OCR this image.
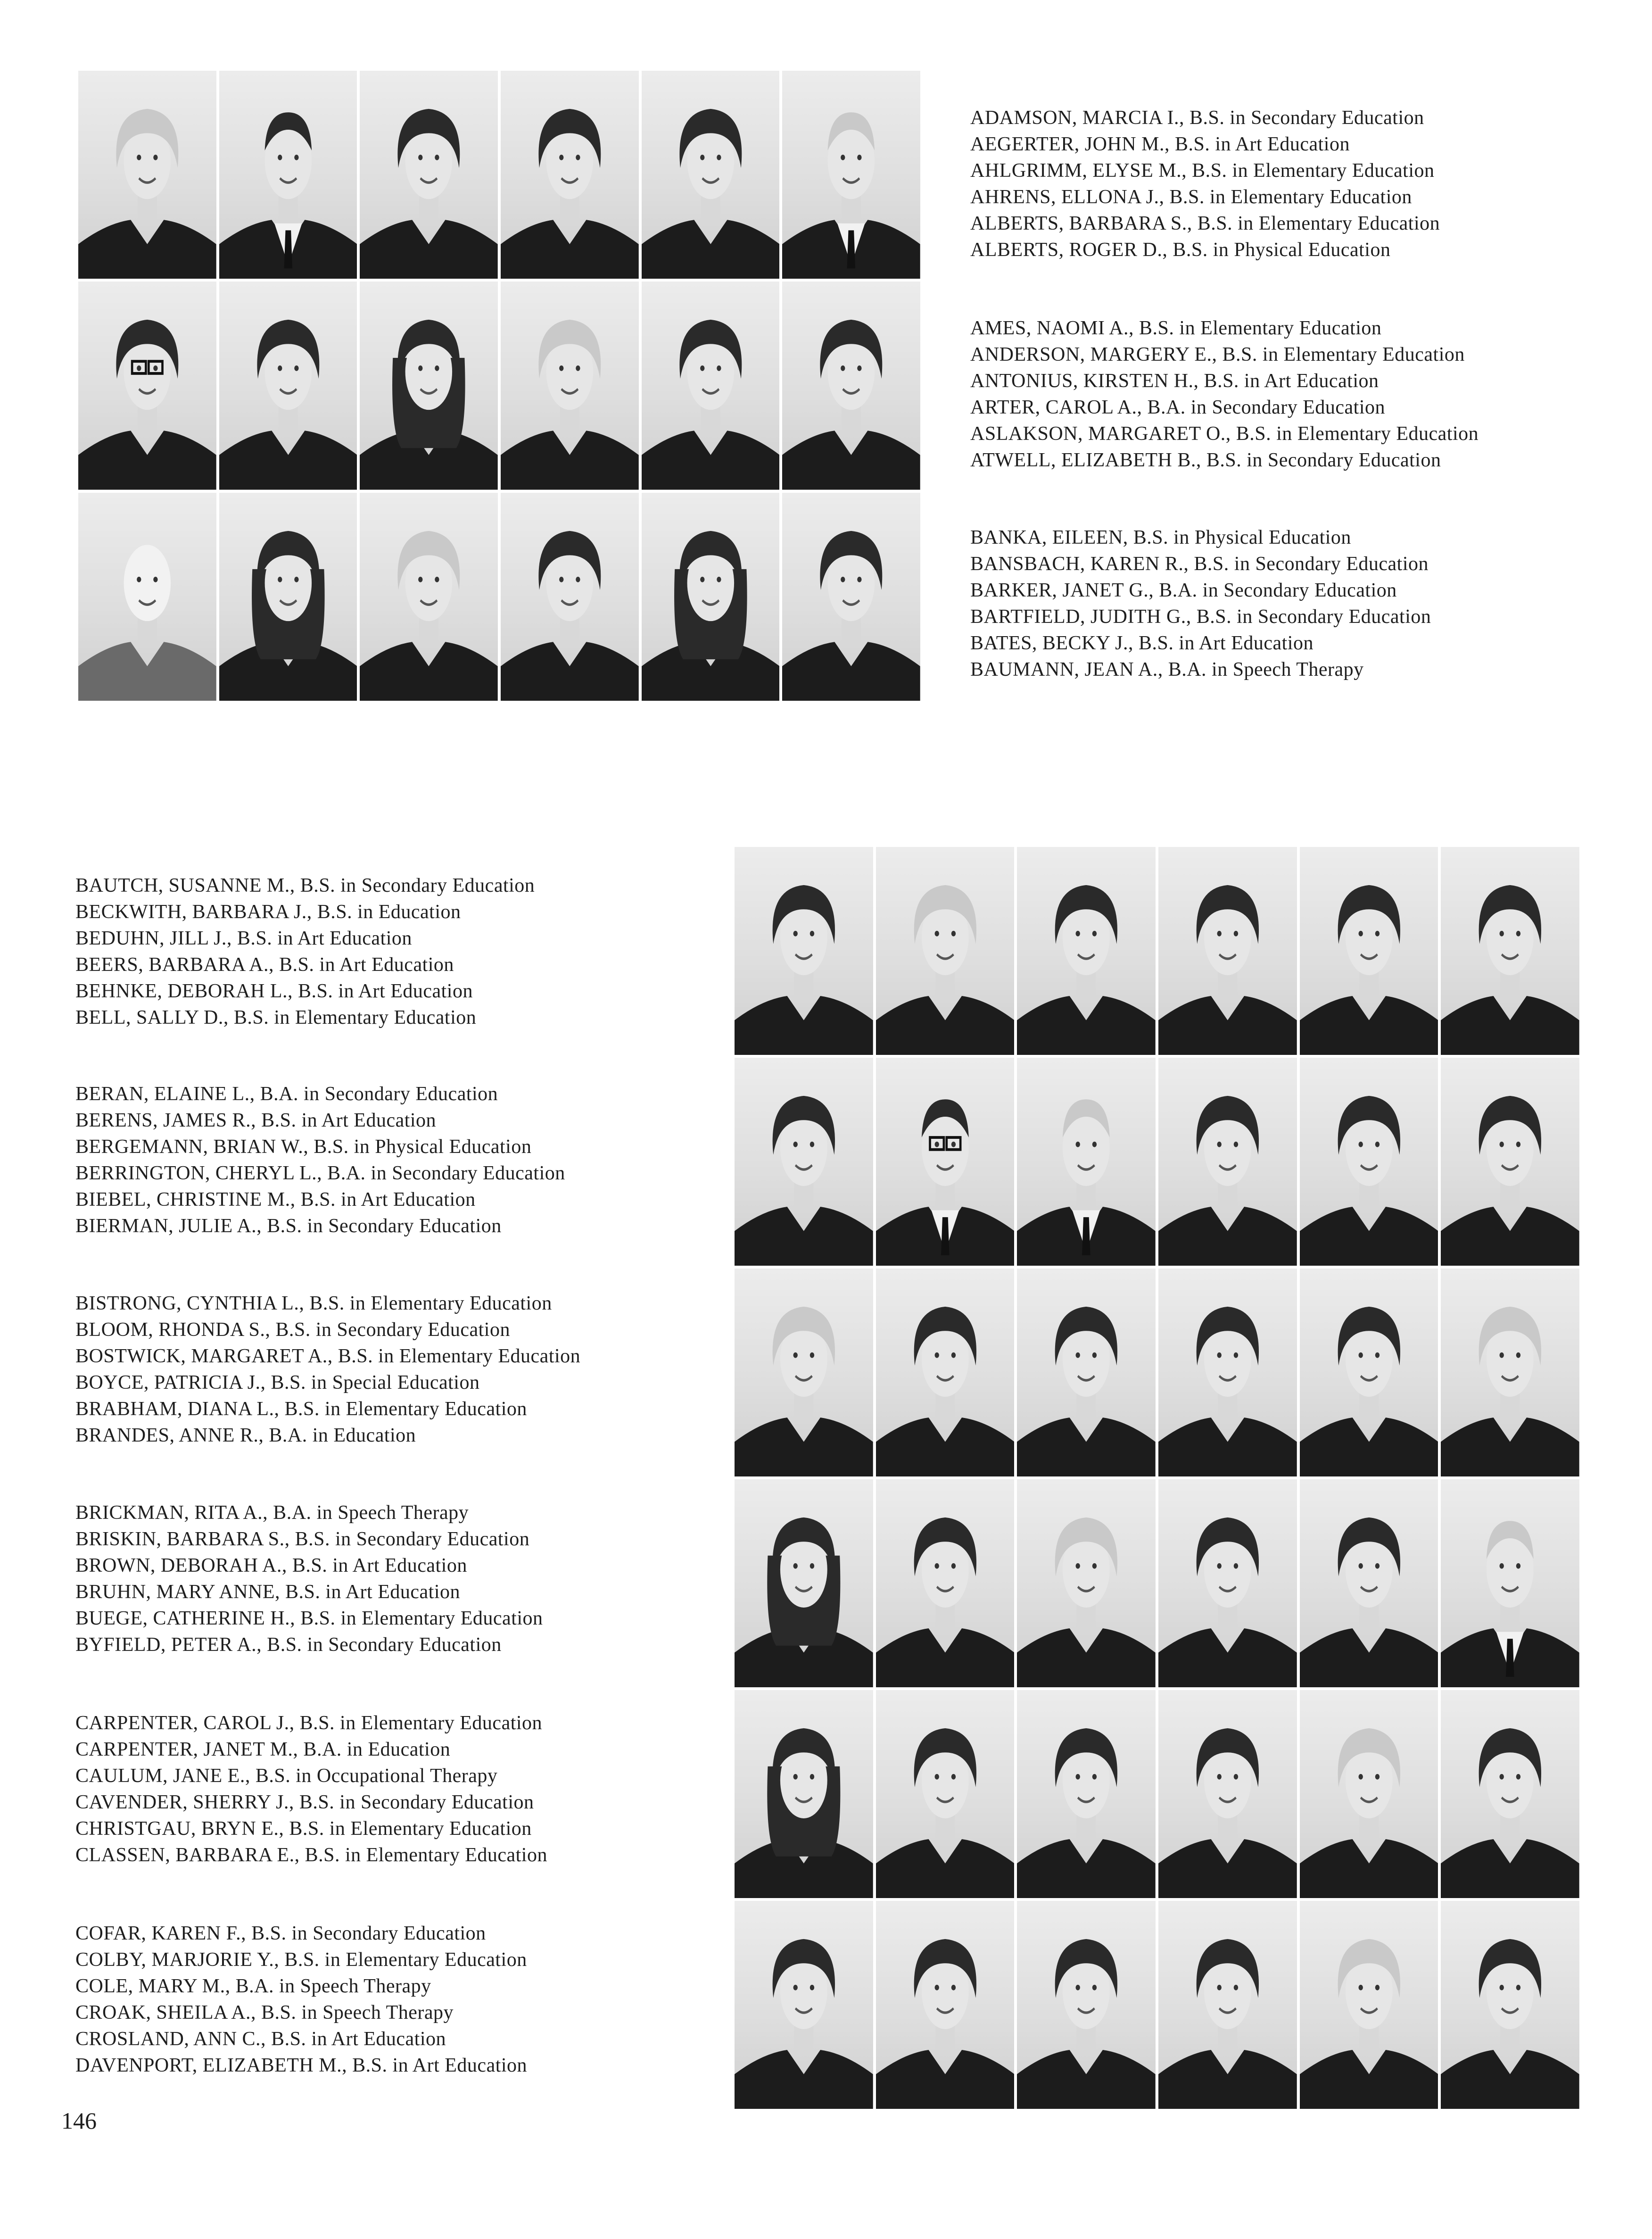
ADAMSON, MARCIA I., B.S. in Secondary Education
AEGERTER, JOHN M., B.S. in Art Education
AHLGRIMM, ELYSE M., B.S. in Elementary Education
AHRENS, ELLONA J., B.S. in Elementary Education
ALBERTS, BARBARA S., B.S. in Elementary Education
ALBERTS, ROGER D., B.S. in Physical Education
AMES, NAOMI A., B.S. in Elementary Education
ANDERSON, MARGERY E., B.S. in Elementary Education
ANTONIUS, KIRSTEN H., B.S. in Art Education
ARTER, CAROL A., B.A. in Secondary Education
ASLAKSON, MARGARET O., B.S. in Elementary Education
ATWELL, ELIZABETH B., B.S. in Secondary Education
BANKA, EILEEN, B.S. in Physical Education
BANSBACH, KAREN R., B.S. in Secondary Education
BARKER, JANET G., B.A. in Secondary Education
BARTFIELD, JUDITH G., B.S. in Secondary Education
BATES, BECKY J., B.S. in Art Education
BAUMANN, JEAN A., B.A. in Speech Therapy
BAUTCH, SUSANNE M., B.S. in Secondary Education
BECKWITH, BARBARA J., B.S. in Education
BEDUHN, JILL J., B.S. in Art Education
BEERS, BARBARA A., B.S. in Art Education
BEHNKE, DEBORAH L., B.S. in Art Education
BELL, SALLY D., B.S. in Elementary Education
BERAN, ELAINE L., B.A. in Secondary Education
BERENS, JAMES R., B.S. in Art Education
BERGEMANN, BRIAN W., B.S. in Physical Education
BERRINGTON, CHERYL L., B.A. in Secondary Education
BIEBEL, CHRISTINE M., B.S. in Art Education
BIERMAN, JULIE A., B.S. in Secondary Education
BISTRONG, CYNTHIA L., B.S. in Elementary Education
BLOOM, RHONDA S., B.S. in Secondary Education
BOSTWICK, MARGARET A., B.S. in Elementary Education
BOYCE, PATRICIA J., B.S. in Special Education
BRABHAM, DIANA L., B.S. in Elementary Education
BRANDES, ANNE R., B.A. in Education
BRICKMAN, RITA A., B.A. in Speech Therapy
BRISKIN, BARBARA S., B.S. in Secondary Education
BROWN, DEBORAH A., B.S. in Art Education
BRUHN, MARY ANNE, B.S. in Art Education
BUEGE, CATHERINE H., B.S. in Elementary Education
BYFIELD, PETER A., B.S. in Secondary Education
CARPENTER, CAROL J., B.S. in Elementary Education
CARPENTER, JANET M., B.A. in Education
CAULUM, JANE E., B.S. in Occupational Therapy
CAVENDER, SHERRY J., B.S. in Secondary Education
CHRISTGAU, BRYN E., B.S. in Elementary Education
CLASSEN, BARBARA E., B.S. in Elementary Education
COFAR, KAREN F., B.S. in Secondary Education
COLBY, MARJORIE Y., B.S. in Elementary Education
COLE, MARY M., B.A. in Speech Therapy
CROAK, SHEILA A., B.S. in Speech Therapy
CROSLAND, ANN C., B.S. in Art Education
DAVENPORT, ELIZABETH M., B.S. in Art Education
146
